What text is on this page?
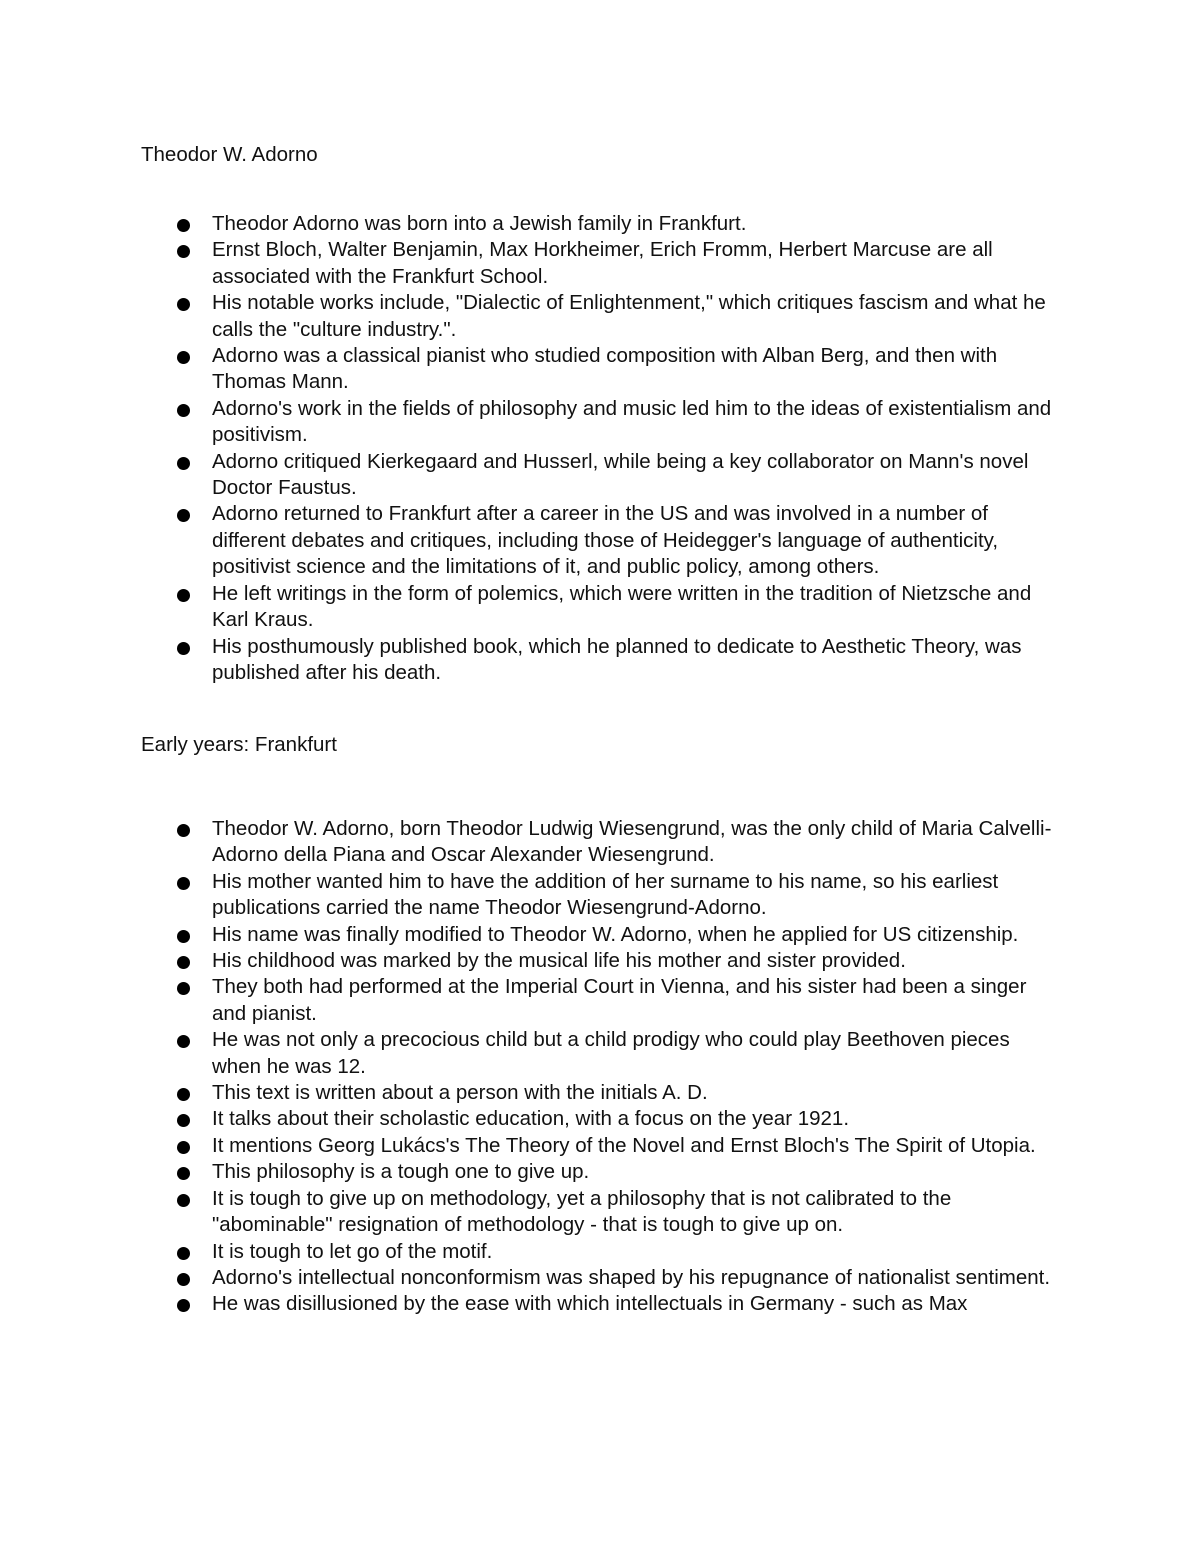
Theodor W. Adorno
Theodor Adorno was born into a Jewish family in Frankfurt.
Ernst Bloch, Walter Benjamin, Max Horkheimer, Erich Fromm, Herbert Marcuse are all associated with the Frankfurt School.
His notable works include, "Dialectic of Enlightenment," which critiques fascism and what he calls the "culture industry.".
Adorno was a classical pianist who studied composition with Alban Berg, and then with Thomas Mann.
Adorno's work in the fields of philosophy and music led him to the ideas of existentialism and positivism.
Adorno critiqued Kierkegaard and Husserl, while being a key collaborator on Mann's novel Doctor Faustus.
Adorno returned to Frankfurt after a career in the US and was involved in a number of different debates and critiques, including those of Heidegger's language of authenticity, positivist science and the limitations of it, and public policy, among others.
He left writings in the form of polemics, which were written in the tradition of Nietzsche and Karl Kraus.
His posthumously published book, which he planned to dedicate to Aesthetic Theory, was published after his death.
Early years: Frankfurt
Theodor W. Adorno, born Theodor Ludwig Wiesengrund, was the only child of Maria Calvelli-Adorno della Piana and Oscar Alexander Wiesengrund.
His mother wanted him to have the addition of her surname to his name, so his earliest publications carried the name Theodor Wiesengrund-Adorno.
His name was finally modified to Theodor W. Adorno, when he applied for US citizenship.
His childhood was marked by the musical life his mother and sister provided.
They both had performed at the Imperial Court in Vienna, and his sister had been a singer and pianist.
He was not only a precocious child but a child prodigy who could play Beethoven pieces when he was 12.
This text is written about a person with the initials A. D.
It talks about their scholastic education, with a focus on the year 1921.
It mentions Georg Lukács's The Theory of the Novel and Ernst Bloch's The Spirit of Utopia.
This philosophy is a tough one to give up.
It is tough to give up on methodology, yet a philosophy that is not calibrated to the "abominable" resignation of methodology - that is tough to give up on.
It is tough to let go of the motif.
Adorno's intellectual nonconformism was shaped by his repugnance of nationalist sentiment.
He was disillusioned by the ease with which intellectuals in Germany - such as Max
